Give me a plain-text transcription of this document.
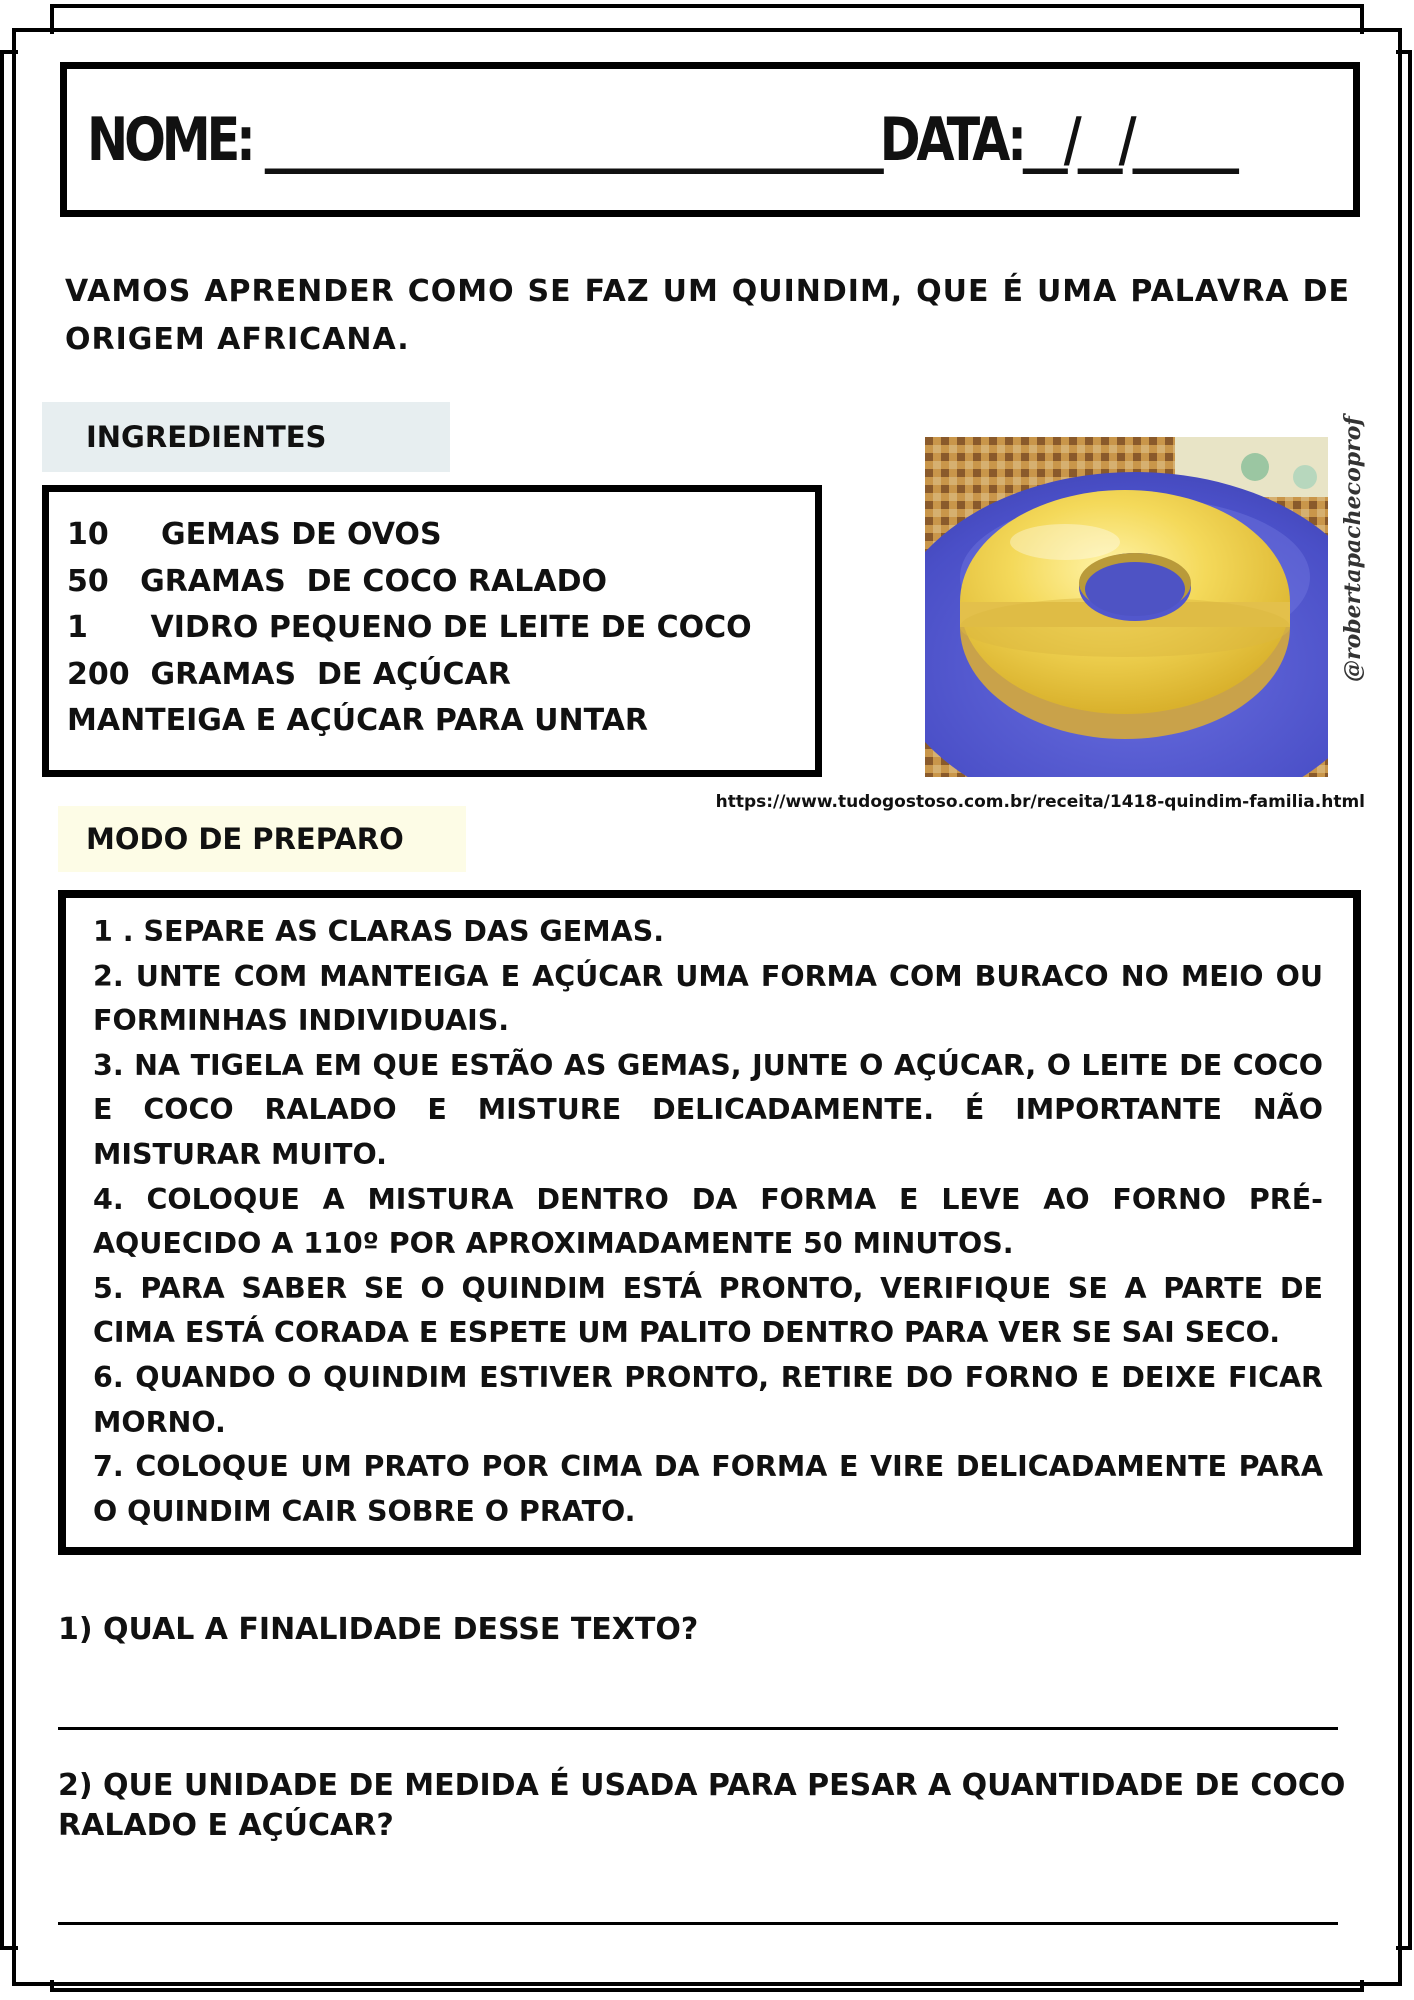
NOME: ______________________________DATA:__/__/_____
VAMOS APRENDER COMO SE FAZ UM QUINDIM, QUE É UMA PALAVRA DE ORIGEM AFRICANA.
INGREDIENTES
10     GEMAS DE OVOS
50   GRAMAS  DE COCO RALADO
1      VIDRO PEQUENO DE LEITE DE COCO
200  GRAMAS  DE AÇÚCAR
MANTEIGA E AÇÚCAR PARA UNTAR
@robertapachecoprof
https://www.tudogostoso.com.br/receita/1418-quindim-familia.html
MODO DE PREPARO
1 . SEPARE AS CLARAS DAS GEMAS.
2. UNTE COM MANTEIGA E AÇÚCAR UMA FORMA COM BURACO NO MEIO OU FORMINHAS INDIVIDUAIS.
3. NA TIGELA EM QUE ESTÃO AS GEMAS, JUNTE O AÇÚCAR, O LEITE DE COCO E COCO RALADO E MISTURE DELICADAMENTE. É IMPORTANTE NÃO MISTURAR MUITO.
4. COLOQUE A MISTURA DENTRO DA FORMA E LEVE AO FORNO PRÉ-AQUECIDO A 110º POR APROXIMADAMENTE 50 MINUTOS.
5. PARA SABER SE O QUINDIM ESTÁ PRONTO, VERIFIQUE SE A PARTE DE CIMA ESTÁ CORADA E ESPETE UM PALITO DENTRO PARA VER SE SAI SECO.
6. QUANDO O QUINDIM ESTIVER PRONTO, RETIRE DO FORNO E DEIXE FICAR MORNO.
7. COLOQUE UM PRATO POR CIMA DA FORMA E VIRE DELICADAMENTE PARA O QUINDIM CAIR SOBRE O PRATO.
1) QUAL A FINALIDADE DESSE TEXTO?
2) QUE UNIDADE DE MEDIDA É USADA PARA PESAR A QUANTIDADE DE COCO RALADO E AÇÚCAR?
